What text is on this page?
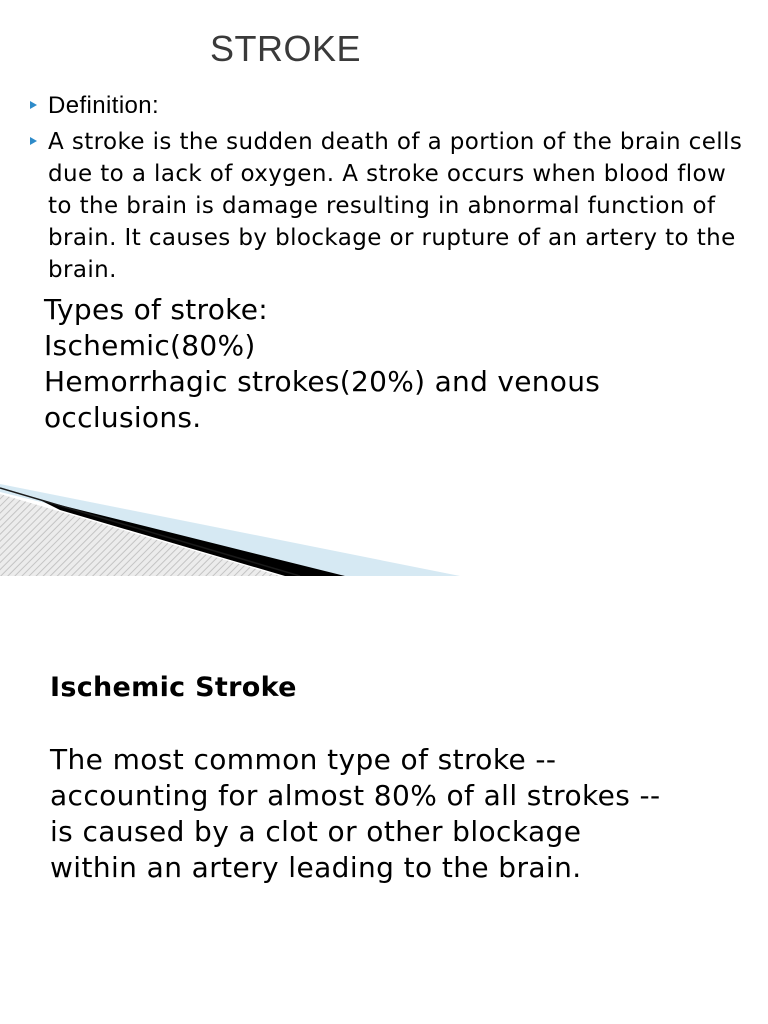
STROKE
Definition:
A stroke is the sudden death of a portion of the brain cells due to a lack of oxygen. A stroke occurs when blood flow to the brain is damage resulting in abnormal function of brain. It causes by blockage or rupture of an artery to the brain.
Types of stroke:
Ischemic(80%)
Hemorrhagic strokes(20%) and venous
occlusions.
Ischemic Stroke
The most common type of stroke --
accounting for almost 80% of all strokes --
is caused by a clot or other blockage
within an artery leading to the brain.
